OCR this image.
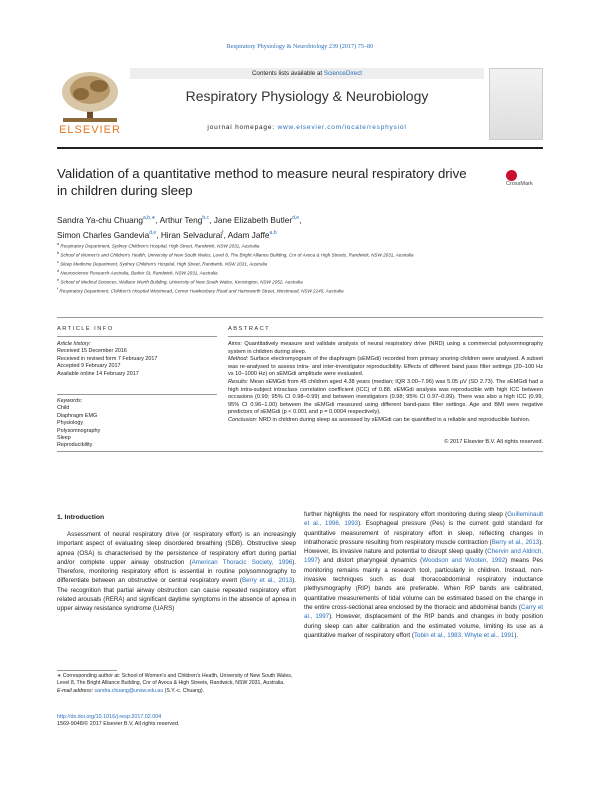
Respiratory Physiology & Neurobiology 239 (2017) 75–80
ELSEVIER
Contents lists available at ScienceDirect
Respiratory Physiology & Neurobiology
journal homepage: www.elsevier.com/locate/resphysiol
Validation of a quantitative method to measure neural respiratory drive in children during sleep	CrossMark
Sandra Ya-chu Chuang$^{a,b,∗}$, Arthur Teng$^{b,c}$, Jane Elizabeth Butler$^{d,e}$,
Simon Charles Gandevia$^{d,e}$, Hiran Selvadurai$^f$, Adam Jaffe$^{a,b}$
$^a$ Respiratory Department, Sydney Children's Hospital, High Street, Randwick, NSW 2031, Australia
$^b$ School of Women's and Children's Health, University of New South Wales, Level 8, The Bright Alliance Building, Cnr of Avoca & High Streets, Randwick, NSW 2031, Australia
$^c$ Sleep Medicine Department, Sydney Children's Hospital, High Street, Randwick, NSW 2031, Australia
$^d$ Neuroscience Research Australia, Barker St, Randwick, NSW 2031, Australia
$^e$ School of Medical Sciences, Wallace Wurth Building, University of New South Wales, Kensington, NSW 2052, Australia
$^f$ Respiratory Department, Children's Hospital Westmead, Corner Hawkesbury Road and Hainsworth Street, Westmead, NSW 2145, Australia
ARTICLE INFO	ABSTRACT
Article history:
Received 15 December 2016
Received in revised form 7 February 2017
Accepted 9 February 2017
Available online 14 February 2017
Keywords:
Child
Diaphragm EMG
Physiology
Polysomnography
Sleep
Reproducibility

Aims: Quantitatively measure and validate analysis of neural respiratory drive (NRD) using a commercial polysomnography system in children during sleep.

Method: Surface electromyogram of the diaphragm (sEMGdi) recorded from primary snoring children were analysed. A subset was re-analysed to assess intra- and inter-investigator reproducibility. Effects of different band pass filter settings (20–100 Hz vs 10–1000 Hz) on sEMGdi amplitude were evaluated.

Results: Mean sEMGdi from 45 children aged 4.38 years (median; IQR 3.00–7.96) was 5.05 μV (SD 2.73). The sEMGdi had a high intra-subject intraclass correlation coefficient (ICC) of 0.88. sEMGdi analysis was reproducible with high ICC between occasions (0.99; 95% CI 0.98–0.99) and between investigators (0.98; 95% CI 0.97–0.99). There was also a high ICC (0.99, 95% CI 0.96–1.00) between the sEMGdi measured using different band-pass filter settings. Age and BMI were negative predictors of sEMGdi (p < 0.001 and p = 0.0004 respectively).

Conclusion: NRD in children during sleep as assessed by sEMGdi can be quantified in a reliable and reproducible fashion.

© 2017 Elsevier B.V. All rights reserved.
1. Introduction
Assessment of neural respiratory drive (or respiratory effort) is an increasingly important aspect of evaluating sleep disordered breathing (SDB). Obstructive sleep apnea (OSA) is characterised by the persistence of respiratory effort during partial and/or complete upper airway obstruction (American Thoracic Society, 1996). Therefore, monitoring respiratory effort is essential in routine polysomnography to differentiate between an obstructive or central respiratory event (Berry et al., 2013). The recognition that partial airway obstruction can cause repeated respiratory effort related arousals (RERA) and significant daytime symptoms in the absence of apnea in upper airway resistance syndrome (UARS)
further highlights the need for respiratory effort monitoring during sleep (Guilleminault et al., 1996, 1993). Esophageal pressure (Pes) is the current gold standard for quantitative measurement of respiratory effort in sleep, reflecting changes in intrathoracic pressure resulting from respiratory muscle contraction (Berry et al., 2013). However, its invasive nature and potential to disrupt sleep quality (Chervin and Aldrich, 1997) and distort pharyngeal dynamics (Woodson and Wooten, 1992) means Pes monitoring remains mainly a research tool, particularly in children. Instead, non-invasive techniques such as dual thoracoabdominal respiratory inductance plethysmography (RIP) bands are preferable. When RIP bands are calibrated, quantitative measurements of tidal volume can be estimated based on the change in the entire cross-sectional area enclosed by the thoracic and abdominal bands (Carry et al., 1997). However, displacement of the RIP bands and changes in body position during sleep can alter calibration and the estimated volume, limiting its use as a quantitative marker of respiratory effort (Tobin et al., 1983; Whyte et al., 1991).
∗ Corresponding author at: School of Women's and Children's Health, University of New South Wales, Level 8, The Bright Alliance Building, Cnr of Avoca & High Streets, Randwick, NSW 2031, Australia.
E-mail address: sandra.chuang@unsw.edu.au (S.Y.-c. Chuang).
http://dx.doi.org/10.1016/j.resp.2017.02.004
1569-9048/© 2017 Elsevier B.V. All rights reserved.
